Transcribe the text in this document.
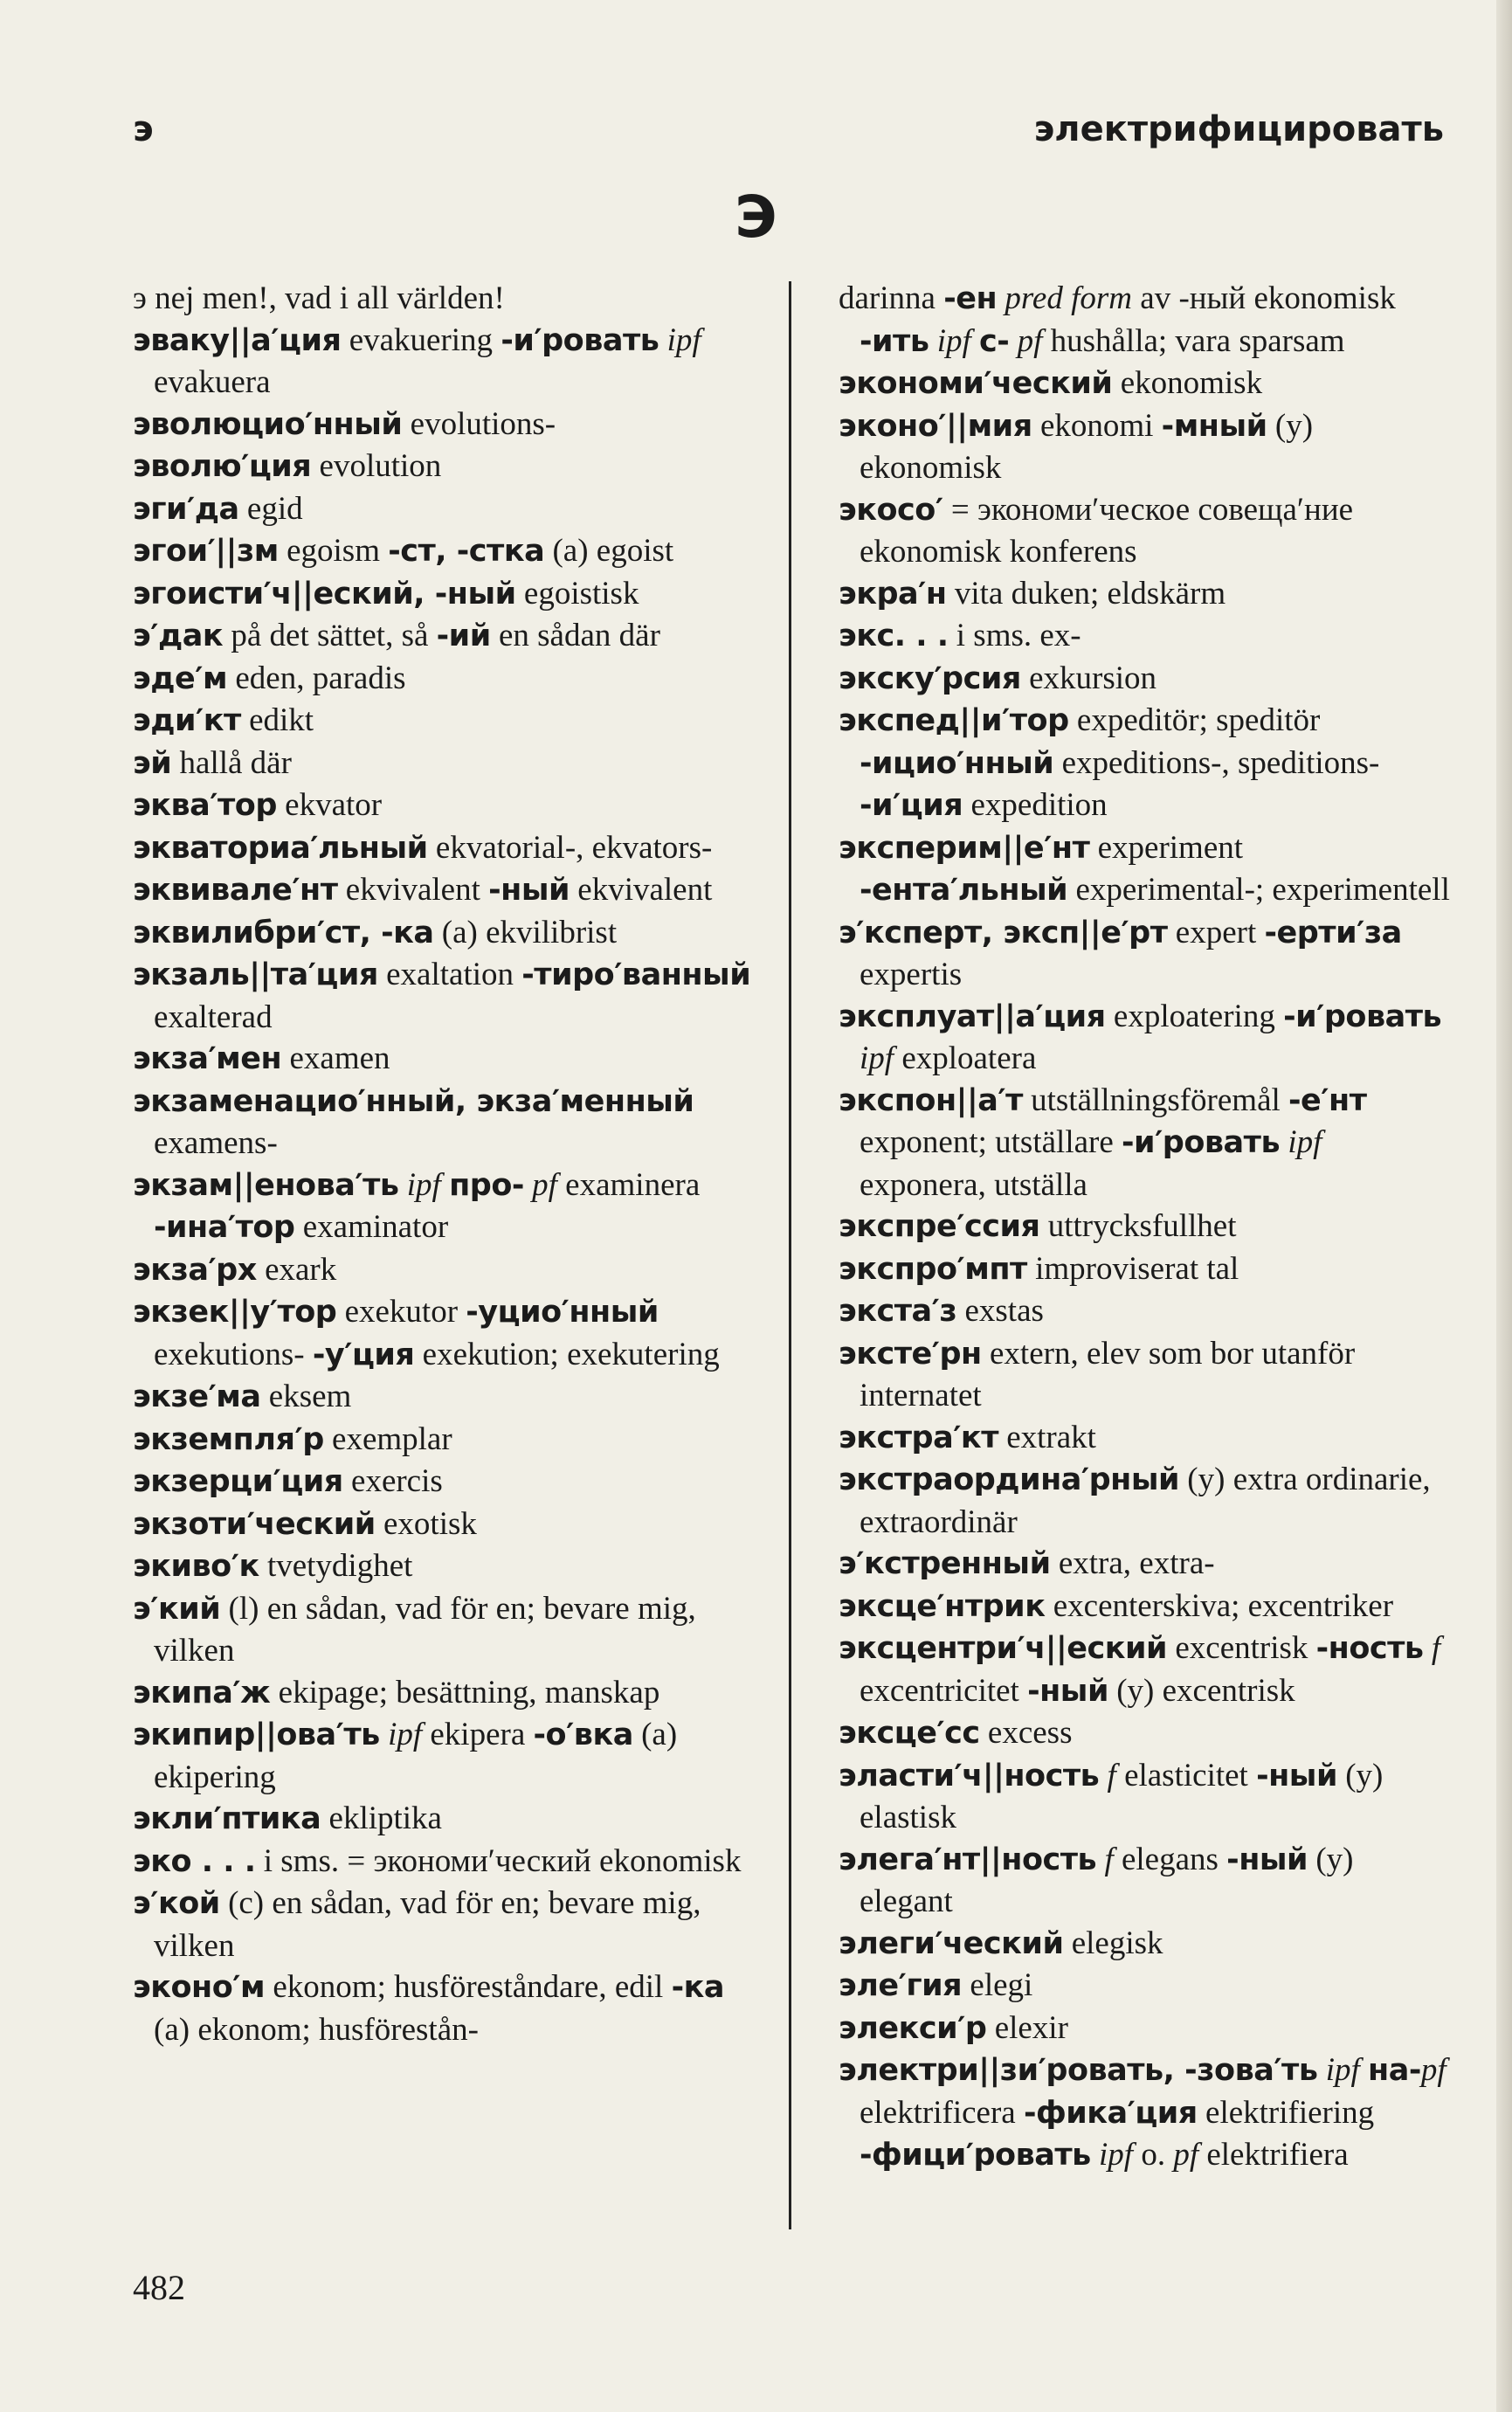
э	электрифицировать
Э

э nej men!, vad i all världen!

эваку||а′ция evakuering -и′ровать ipf evakuera

эволюцио′нный evolutions-

эволю′ция evolution

эги′да egid

эгои′||зм egoism -ст, -стка (a) egoist

эгоисти′ч||еский, -ный egoistisk

э′дак på det sättet, så -ий en sådan där

эде′м eden, paradis

эди′кт edikt

эй hallå där

эква′тор ekvator

экваториа′льный ekvatorial-, ekvators-

эквивале′нт ekvivalent -ный ekvivalent

эквилибри′ст, -ка (a) ekvilibrist

экзаль||та′ция exaltation -тиро′ванный exalterad

экза′мен examen

экзаменацио′нный, экза′менный examens-

экзам||енова′ть ipf про- pf examinera -ина′тор examinator

экза′рх exark

экзек||у′тор exekutor -уцио′нный exekutions- -у′ция exekution; exekutering

экзе′ма eksem

экземпля′р exemplar

экзерци′ция exercis

экзоти′ческий exotisk

экиво′к tvetydighet

э′кий (l) en sådan, vad för en; bevare mig, vilken

экипа′ж ekipage; besättning, manskap

экипир||ова′ть ipf ekipera -о′вка (a) ekipering

экли′птика ekliptika

эко . . . i sms. = экономи′ческий ekonomisk

э′кой (c) en sådan, vad för en; bevare mig, vilken

эконо′м ekonom; husföreståndare, edil -ка (a) ekonom; husförestån-

darinna -ен pred form av -ный ekonomisk -ить ipf с- pf hushålla; vara sparsam

экономи′ческий ekonomisk

эконо′||мия ekonomi -мный (y) ekonomisk

экосо′ = экономи′ческое совеща′ние ekonomisk konferens

экра′н vita duken; eldskärm

экс. . . i sms. ex-

экску′рсия exkursion

экспед||и′тор expeditör; speditör -ицио′нный expeditions-, speditions- -и′ция expedition

эксперим||е′нт experiment -ента′льный experimental-; experimentell

э′ксперт, эксп||е′рт expert -ерти′за expertis

эксплуат||а′ция exploatering -и′ровать ipf exploatera

экспон||а′т utställningsföremål -е′нт exponent; utställare -и′ровать ipf exponera, utställa

экспре′ссия uttrycksfullhet

экспро′мпт improviserat tal

экста′з exstas

эксте′рн extern, elev som bor utanför internatet

экстра′кт extrakt

экстраордина′рный (y) extra ordinarie, extraordinär

э′кстренный extra, extra-

эксце′нтрик excenterskiva; excentriker

эксцентри′ч||еский excentrisk -ность f excentricitet -ный (y) excentrisk

эксце′сс excess

эласти′ч||ность f elasticitet -ный (y) elastisk

элега′нт||ность f elegans -ный (y) elegant

элеги′ческий elegisk

эле′гия elegi

элекси′р elexir

электри||зи′ровать, -зова′ть ipf на-pf elektrificera -фика′ция elektrifiering -фици′ровать ipf o. pf elektrifiera

482
